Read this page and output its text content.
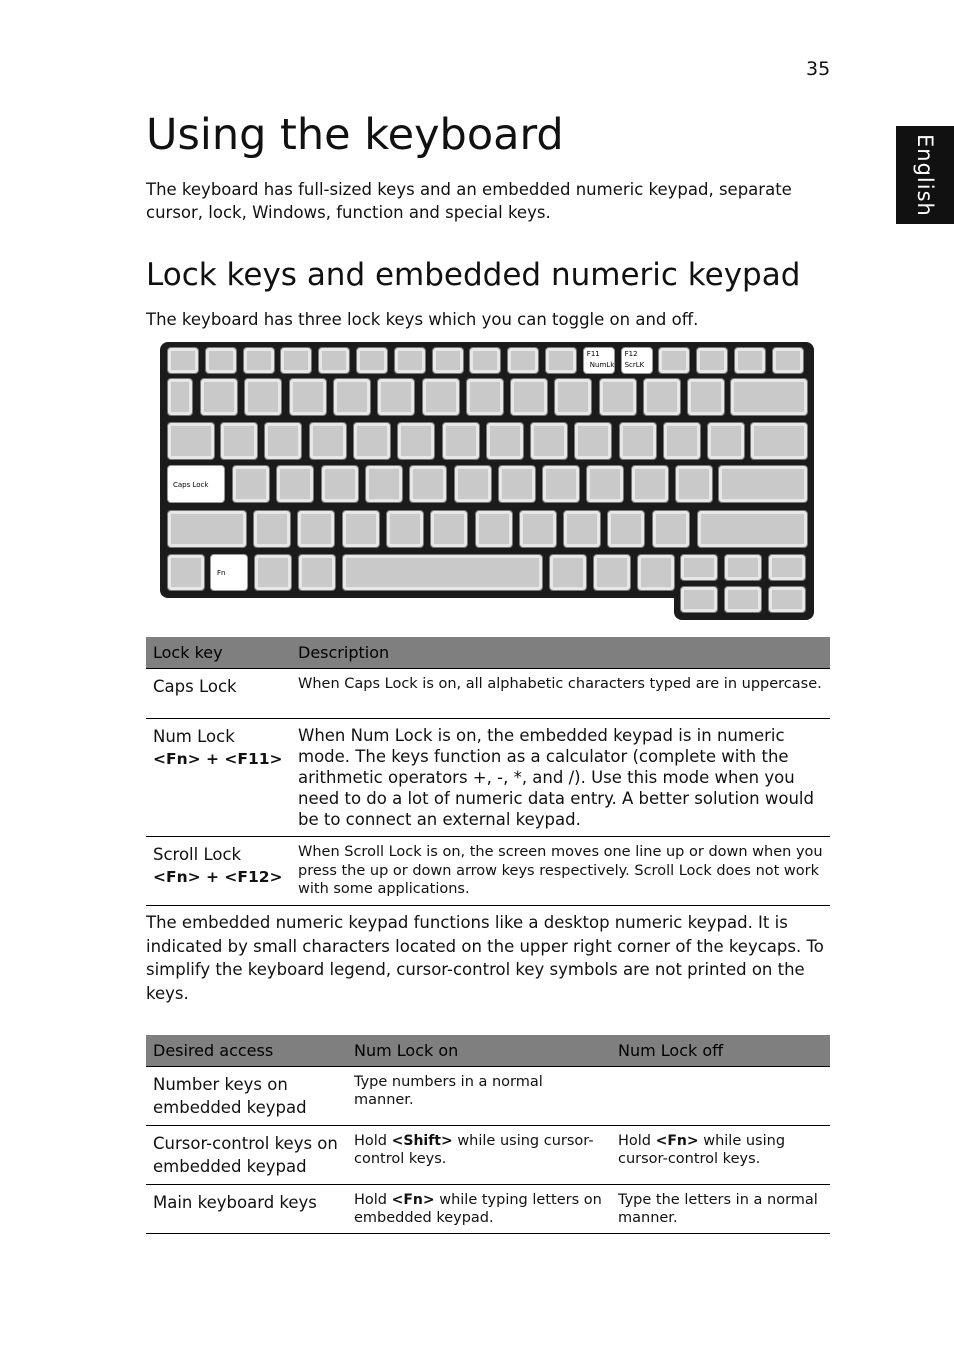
35
English
Using the keyboard

The keyboard has full-sized keys and an embedded numeric keypad, separate cursor, lock, Windows, function and special keys.

Lock keys and embedded numeric keypad

The keyboard has three lock keys which you can toggle on and off.

F11
NumLk
F12
ScrLK
Caps Lock
Fn
Lock key	Description

Caps Lock	When Caps Lock is on, all alphabetic characters typed are in uppercase.

Num Lock
<Fn> + <F11>	When Num Lock is on, the embedded keypad is in numeric mode. The keys function as a calculator (complete with the arithmetic operators +, -, *, and /). Use this mode when you need to do a lot of numeric data entry. A better solution would be to connect an external keypad.

Scroll Lock
<Fn> + <F12>	When Scroll Lock is on, the screen moves one line up or down when you press the up or down arrow keys respectively. Scroll Lock does not work with some applications.

The embedded numeric keypad functions like a desktop numeric keypad. It is indicated by small characters located on the upper right corner of the keycaps. To simplify the keyboard legend, cursor-control key symbols are not printed on the keys.

Desired access	Num Lock on	Num Lock off
Number keys on embedded keypad	Type numbers in a normal manner.	
Cursor-control keys on embedded keypad	Hold <Shift> while using cursor-control keys.	Hold <Fn> while using cursor-control keys.
Main keyboard keys	Hold <Fn> while typing letters on embedded keypad.	Type the letters in a normal manner.
